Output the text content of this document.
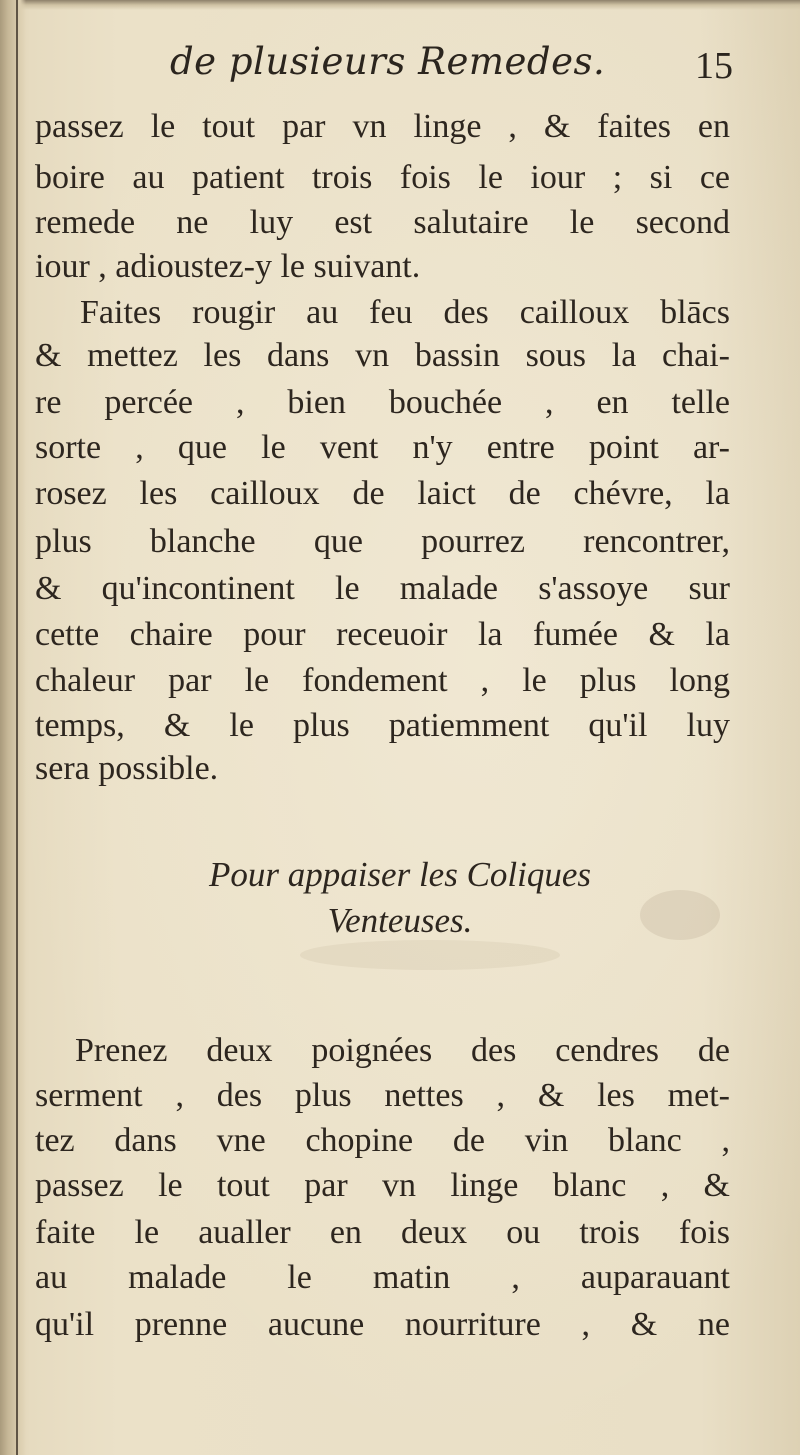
de plusieurs Remedes. 15
passez le tout par vn linge , & faites en
boire au patient trois fois le iour ; si ce
remede ne luy est salutaire le second
iour , adioustez-y le suivant.
Faites rougir au feu des cailloux blācs
& mettez les dans vn bassin sous la chai-
re percée , bien bouchée , en telle
sorte , que le vent n'y entre point ar-
rosez les cailloux de laict de chévre, la
plus blanche que pourrez rencontrer,
& qu'incontinent le malade s'assoye sur
cette chaire pour receuoir la fumée & la
chaleur par le fondement , le plus long
temps, & le plus patiemment qu'il luy
sera possible.
Pour appaiser les Coliques
Venteuses.
Prenez deux poignées des cendres de
serment , des plus nettes , & les met-
tez dans vne chopine de vin blanc ,
passez le tout par vn linge blanc , &
faite le aualler en deux ou trois fois
au malade le matin , auparauant
qu'il prenne aucune nourriture , & ne
